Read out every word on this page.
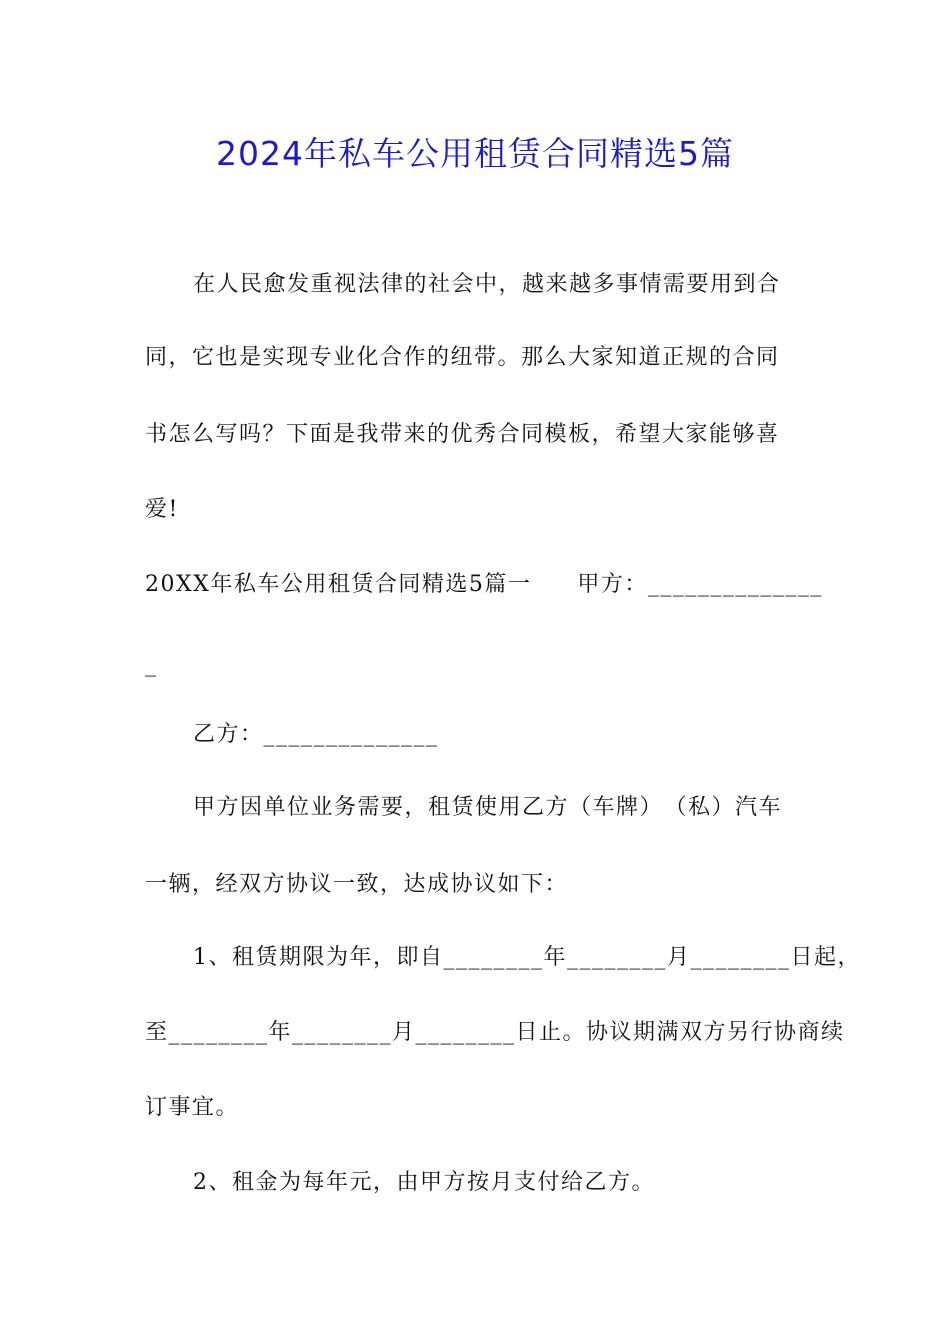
2024年私车公用租赁合同精选5篇
在人民愈发重视法律的社会中，越来越多事情需要用到合
同，它也是实现专业化合作的纽带。那么大家知道正规的合同
书怎么写吗？下面是我带来的优秀合同模板，希望大家能够喜
爱!
20XX年私车公用租赁合同精选5篇一 甲方：______________
_
乙方：______________
甲方因单位业务需要，租赁使用乙方（车牌）　（私）汽车
一辆，经双方协议一致，达成协议如下：
1、租赁期限为年，即自________年________月________日起，
至________年________月________日止。协议期满双方另行协商续
订事宜。
2、租金为每年元，由甲方按月支付给乙方。
